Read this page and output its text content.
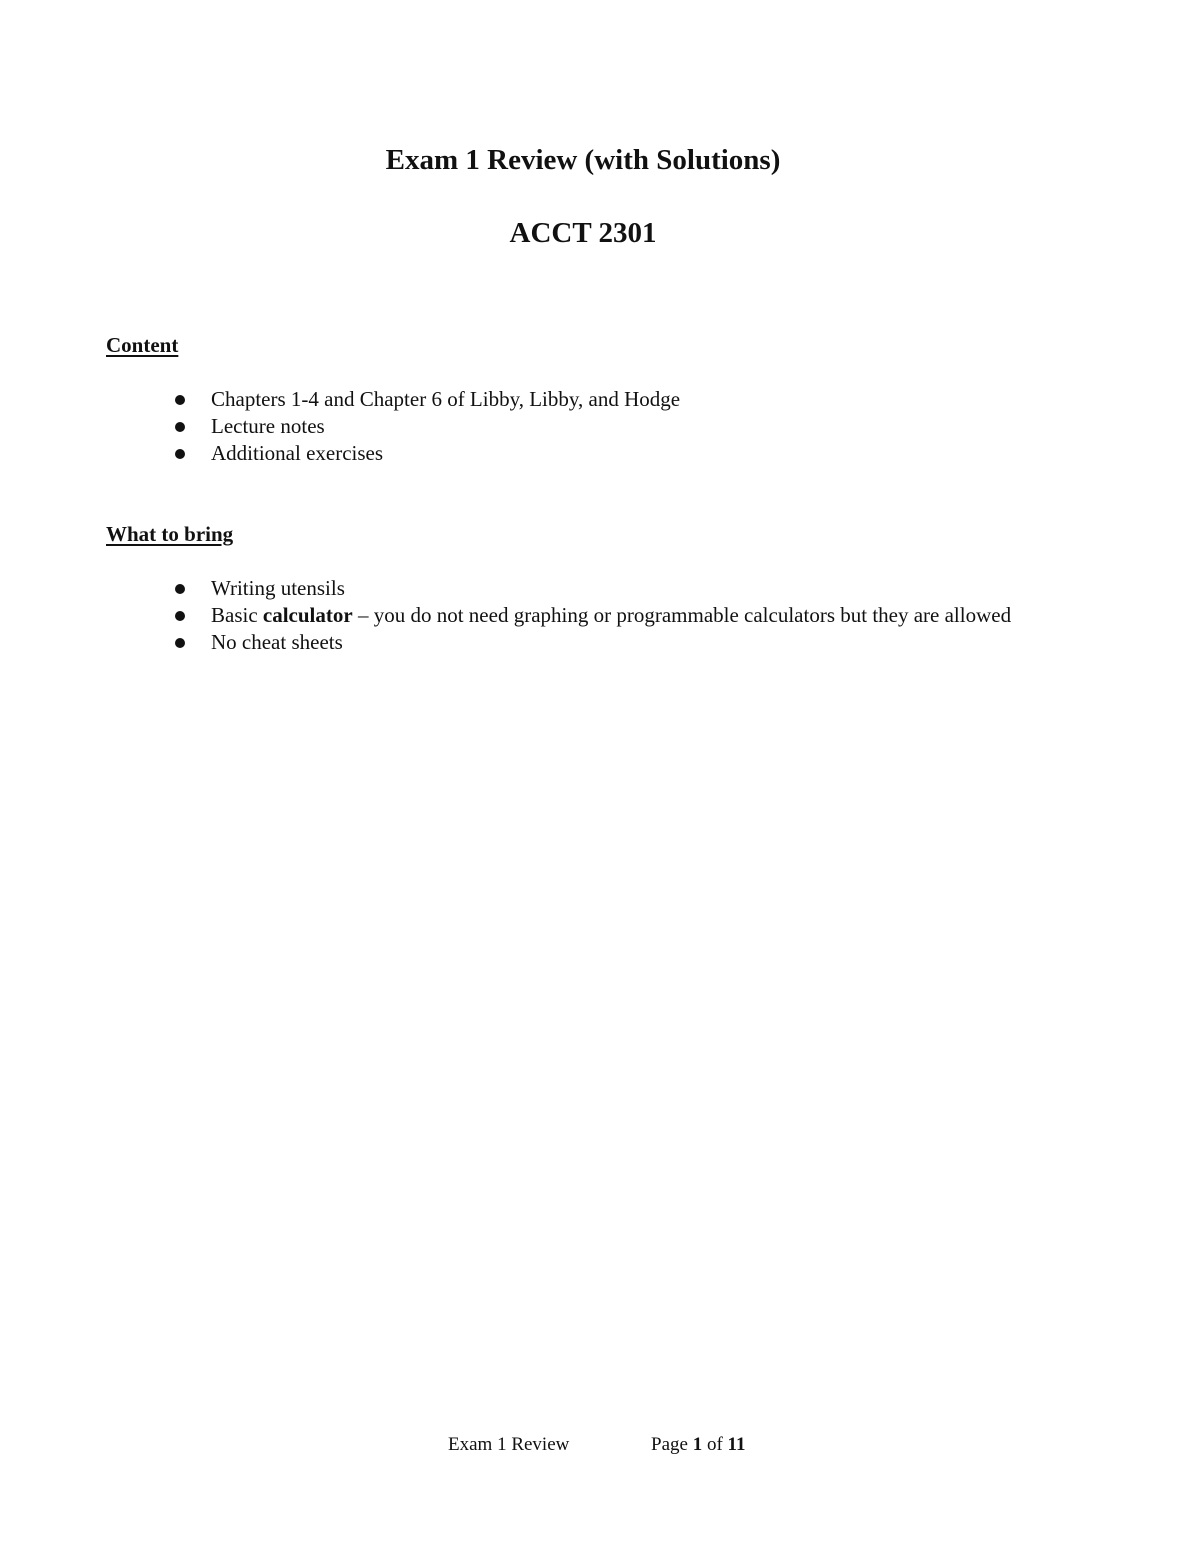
Exam 1 Review (with Solutions)
ACCT 2301
Content
Chapters 1-4 and Chapter 6 of Libby, Libby, and Hodge
Lecture notes
Additional exercises
What to bring
Writing utensils
Basic calculator – you do not need graphing or programmable calculators but they are allowed
No cheat sheets
Exam 1 Review	Page 1 of 11
